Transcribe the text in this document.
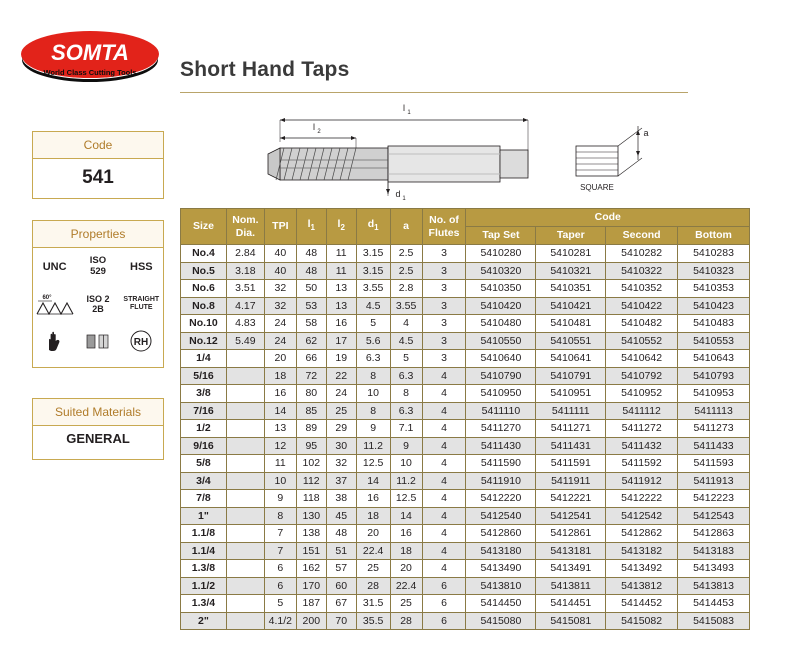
SOMTA
World Class Cutting Tools Short Hand Taps
Code
541
Properties
UNC
ISO
529	HSS
60°	ISO 2
2B
STRAIGHT
FLUTE
RH
Suited Materials
GENERAL
l 1
l 2
d 1
a
SQUARE
Size	Nom.
Dia.
	TPI	$l_1$	$l_2$	$d_1$	a	No. of
Flutes
	Code
								Tap Set	Taper	Second	Bottom
No.4	2.84	40	48	11	3.15	2.5	3	5410280	5410281	5410282	5410283
No.5	3.18	40	48	11	3.15	2.5	3	5410320	5410321	5410322	5410323
No.6	3.51	32	50	13	3.55	2.8	3	5410350	5410351	5410352	5410353
No.8	4.17	32	53	13	4.5	3.55	3	5410420	5410421	5410422	5410423
No.10	4.83	24	58	16	5	4	3	5410480	5410481	5410482	5410483
No.12	5.49	24	62	17	5.6	4.5	3	5410550	5410551	5410552	5410553
1/4		20	66	19	6.3	5	3	5410640	5410641	5410642	5410643
5/16		18	72	22	8	6.3	4	5410790	5410791	5410792	5410793
3/8		16	80	24	10	8	4	5410950	5410951	5410952	5410953
7/16		14	85	25	8	6.3	4	5411110	5411111	5411112	5411113
1/2		13	89	29	9	7.1	4	5411270	5411271	5411272	5411273
9/16		12	95	30	11.2	9	4	5411430	5411431	5411432	5411433
5/8		11	102	32	12.5	10	4	5411590	5411591	5411592	5411593
3/4		10	112	37	14	11.2	4	5411910	5411911	5411912	5411913
7/8		9	118	38	16	12.5	4	5412220	5412221	5412222	5412223
1"		8	130	45	18	14	4	5412540	5412541	5412542	5412543
1.1/8		7	138	48	20	16	4	5412860	5412861	5412862	5412863
1.1/4		7	151	51	22.4	18	4	5413180	5413181	5413182	5413183
1.3/8		6	162	57	25	20	4	5413490	5413491	5413492	5413493
1.1/2		6	170	60	28	22.4	6	5413810	5413811	5413812	5413813
1.3/4		5	187	67	31.5	25	6	5414450	5414451	5414452	5414453
2"		4.1/2	200	70	35.5	28	6	5415080	5415081	5415082	5415083
